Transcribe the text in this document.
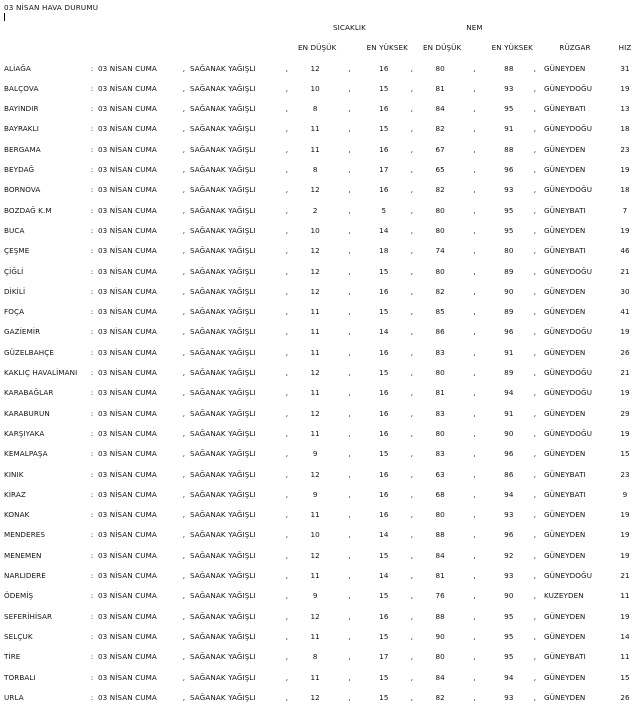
03 NİSAN HAVA DURUMU
						SICAKLIK				NEM					
						EN DÜŞÜK		EN YÜKSEK		EN DÜŞÜK		EN YÜKSEK		RÜZGAR	HIZ
ALİAĞA	:	03 NİSAN CUMA	,	SAĞANAK YAĞIŞLI	,	12	,	16	,	80	,	88	,	GÜNEYDEN	31
BALÇOVA	:	03 NİSAN CUMA	,	SAĞANAK YAĞIŞLI	,	10	,	15	,	81	,	93	,	GÜNEYDOĞU	19
BAYINDIR	:	03 NİSAN CUMA	,	SAĞANAK YAĞIŞLI	,	8	,	16	,	84	,	95	,	GÜNEYBATI	13
BAYRAKLI	:	03 NİSAN CUMA	,	SAĞANAK YAĞIŞLI	,	11	,	15	,	82	,	91	,	GÜNEYDOĞU	18
BERGAMA	:	03 NİSAN CUMA	,	SAĞANAK YAĞIŞLI	,	11	,	16	,	67	,	88	,	GÜNEYDEN	23
BEYDAĞ	:	03 NİSAN CUMA	,	SAĞANAK YAĞIŞLI	,	8	,	17	,	65	,	96	,	GÜNEYDEN	19
BORNOVA	:	03 NİSAN CUMA	,	SAĞANAK YAĞIŞLI	,	12	,	16	,	82	,	93	,	GÜNEYDOĞU	18
BOZDAĞ K.M	:	03 NİSAN CUMA	,	SAĞANAK YAĞIŞLI	,	2	,	5	,	80	,	95	,	GÜNEYBATI	7
BUCA	:	03 NİSAN CUMA	,	SAĞANAK YAĞIŞLI	,	10	,	14	,	80	,	95	,	GÜNEYDEN	19
ÇEŞME	:	03 NİSAN CUMA	,	SAĞANAK YAĞIŞLI	,	12	,	18	,	74	,	80	,	GÜNEYBATI	46
ÇİĞLİ	:	03 NİSAN CUMA	,	SAĞANAK YAĞIŞLI	,	12	,	15	,	80	,	89	,	GÜNEYDOĞU	21
DİKİLİ	:	03 NİSAN CUMA	,	SAĞANAK YAĞIŞLI	,	12	,	16	,	82	,	90	,	GÜNEYDEN	30
FOÇA	:	03 NİSAN CUMA	,	SAĞANAK YAĞIŞLI	,	11	,	15	,	85	,	89	,	GÜNEYDEN	41
GAZİEMİR	:	03 NİSAN CUMA	,	SAĞANAK YAĞIŞLI	,	11	,	14	,	86	,	96	,	GÜNEYDOĞU	19
GÜZELBAHÇE	:	03 NİSAN CUMA	,	SAĞANAK YAĞIŞLI	,	11	,	16	,	83	,	91	,	GÜNEYDEN	26
KAKLIÇ HAVALİMANI	:	03 NİSAN CUMA	,	SAĞANAK YAĞIŞLI	,	12	,	15	,	80	,	89	,	GÜNEYDOĞU	21
KARABAĞLAR	:	03 NİSAN CUMA	,	SAĞANAK YAĞIŞLI	,	11	,	16	,	81	,	94	,	GÜNEYDOĞU	19
KARABURUN	:	03 NİSAN CUMA	,	SAĞANAK YAĞIŞLI	,	12	,	16	,	83	,	91	,	GÜNEYDEN	29
KARŞIYAKA	:	03 NİSAN CUMA	,	SAĞANAK YAĞIŞLI	,	11	,	16	,	80	,	90	,	GÜNEYDOĞU	19
KEMALPAŞA	:	03 NİSAN CUMA	,	SAĞANAK YAĞIŞLI	,	9	,	15	,	83	,	96	,	GÜNEYDEN	15
KINIK	:	03 NİSAN CUMA	,	SAĞANAK YAĞIŞLI	,	12	,	16	,	63	,	86	,	GÜNEYBATI	23
KİRAZ	:	03 NİSAN CUMA	,	SAĞANAK YAĞIŞLI	,	9	,	16	,	68	,	94	,	GÜNEYBATI	9
KONAK	:	03 NİSAN CUMA	,	SAĞANAK YAĞIŞLI	,	11	,	16	,	80	,	93	,	GÜNEYDEN	19
MENDERES	:	03 NİSAN CUMA	,	SAĞANAK YAĞIŞLI	,	10	,	14	,	88	,	96	,	GÜNEYDEN	19
MENEMEN	:	03 NİSAN CUMA	,	SAĞANAK YAĞIŞLI	,	12	,	15	,	84	,	92	,	GÜNEYDEN	19
NARLIDERE	:	03 NİSAN CUMA	,	SAĞANAK YAĞIŞLI	,	11	,	14	,	81	,	93	,	GÜNEYDOĞU	21
ÖDEMİŞ	:	03 NİSAN CUMA	,	SAĞANAK YAĞIŞLI	,	9	,	15	,	76	,	90	,	KUZEYDEN	11
SEFERİHİSAR	:	03 NİSAN CUMA	,	SAĞANAK YAĞIŞLI	,	12	,	16	,	88	,	95	,	GÜNEYDEN	19
SELÇUK	:	03 NİSAN CUMA	,	SAĞANAK YAĞIŞLI	,	11	,	15	,	90	,	95	,	GÜNEYDEN	14
TİRE	:	03 NİSAN CUMA	,	SAĞANAK YAĞIŞLI	,	8	,	17	,	80	,	95	,	GÜNEYBATI	11
TORBALI	:	03 NİSAN CUMA	,	SAĞANAK YAĞIŞLI	,	11	,	15	,	84	,	94	,	GÜNEYDEN	15
URLA	:	03 NİSAN CUMA	,	SAĞANAK YAĞIŞLI	,	12	,	15	,	82	,	93	,	GÜNEYDEN	26
